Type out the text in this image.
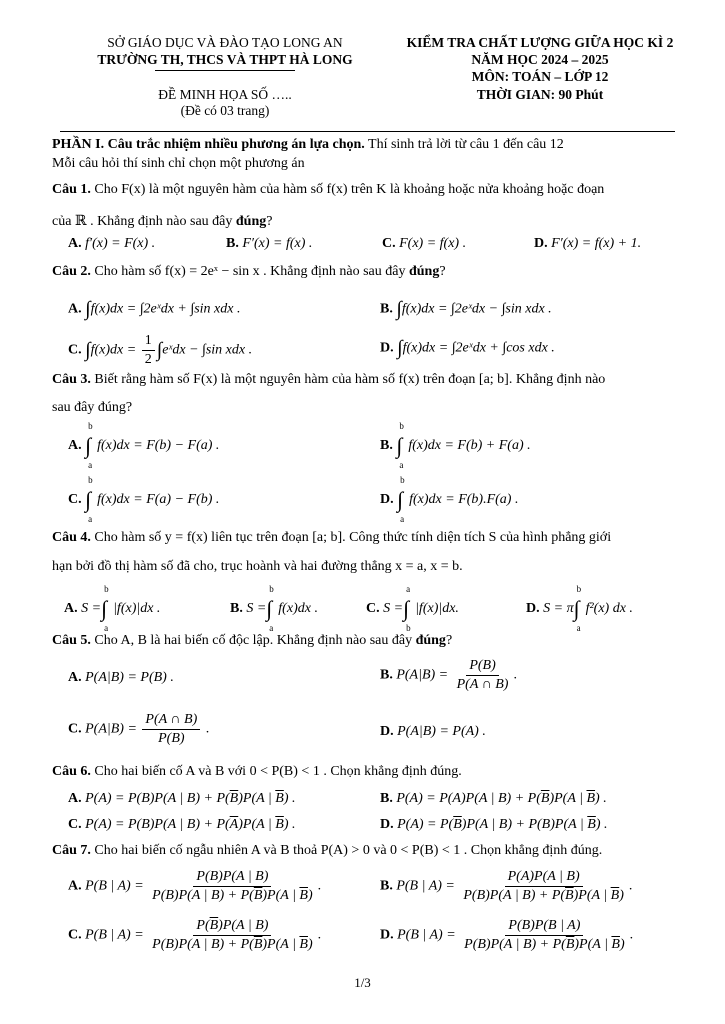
SỞ GIÁO DỤC VÀ ĐÀO TẠO LONG AN
TRƯỜNG TH, THCS VÀ THPT HÀ LONG
ĐỀ MINH HỌA SỐ …..
(Đề có 03 trang)
KIỂM TRA CHẤT LƯỢNG GIỮA HỌC KÌ 2
NĂM HỌC 2024 – 2025
MÔN: TOÁN – LỚP 12
THỜI GIAN: 90 Phút
PHẦN I. Câu trắc nhiệm nhiều phương án lựa chọn. Thí sinh trả lời từ câu 1 đến câu 12
Mỗi câu hỏi thí sinh chỉ chọn một phương án
Câu 1. Cho F(x) là một nguyên hàm của hàm số f(x) trên K là khoảng hoặc nửa khoảng hoặc đoạn
của ℝ . Khẳng định nào sau đây đúng?
A. f′(x) = F(x) .	B. F′(x) = f(x) .	C. F(x) = f(x) .	D. F′(x) = f(x) + 1.
Câu 2. Cho hàm số f(x) = 2eˣ − sin x . Khẳng định nào sau đây đúng?
A. ∫f(x)dx = ∫2eˣdx + ∫sin xdx .	B. ∫f(x)dx = ∫2eˣdx − ∫sin xdx .
C. $\int f(x)dx = \frac{1}{2}$ ∫eˣdx − ∫sin xdx .	D. ∫f(x)dx = ∫2eˣdx + ∫cos xdx .
Câu 3. Biết rằng hàm số F(x) là một nguyên hàm của hàm số f(x) trên đoạn [a; b]. Khẳng định nào
sau đây đúng?
A. ∫
b
a
f(x)dx = F(b) − F(a) .	B. ∫
b
a
f(x)dx = F(b) + F(a) .
C. ∫
b
a
f(x)dx = F(a) − F(b) .	D. ∫
b
a
f(x)dx = F(b).F(a) .
Câu 4. Cho hàm số y = f(x) liên tục trên đoạn [a; b]. Công thức tính diện tích S của hình phẳng giới
hạn bởi đồ thị hàm số đã cho, trục hoành và hai đường thẳng x = a, x = b.
A. S =∫
b
a
|f(x)|dx .	B. S =∫
b
a
f(x)dx .	C. S =∫
a
b
|f(x)|dx.	D. S = π∫
b
a
f²(x) dx .
Câu 5. Cho A, B là hai biến cố độc lập. Khẳng định nào sau đây đúng?
A. P(A|B) = P(B) .	B. $P(A|B) = \frac{P(B)}{P(A \cap B)}$ .
C. $P(A|B) = \frac{P(A \cap B)}{P(B)}$ .	D. P(A|B) = P(A) .
Câu 6. Cho hai biến cố A và B với 0 < P(B) < 1 . Chọn khẳng định đúng.
A. P(A) = P(B)P(A | $B) + P(\overline{B})P(A$ | $\overline{B}$) .	B. P(A) = P(A)P(A | $B) + P(\overline{B})P(A$ | $\overline{B}$) .
C. P(A) = P(B)P(A | $B) + P(\overline{A})P(A$ | $\overline{B}$) .	D. $P(A) = P(\overline{B})P(A$ | B) + P(B)P(A | $\overline{B}$) .
Câu 7. Cho hai biến cố ngẫu nhiên A và B thoả P(A) > 0 và 0 < P(B) < 1 . Chọn khẳng định đúng.
A. P(B | $A) = \frac{P(B)P(A | B)}{P(B)P(A | B) + P(\overline{B})P(A | \overline{B})}$ .	B. P(B | $A) = \frac{P(A)P(A | B)}{P(B)P(A | B) + P(\overline{B})P(A | \overline{B})}$ .
C. P(B | $A) = \frac{P(\overline{B})P(A | B)}{P(B)P(A | B) + P(\overline{B})P(A | \overline{B})}$ .	D. P(B | $A) = \frac{P(B)P(B | A)}{P(B)P(A | B) + P(\overline{B})P(A | \overline{B})}$ .
1/3
